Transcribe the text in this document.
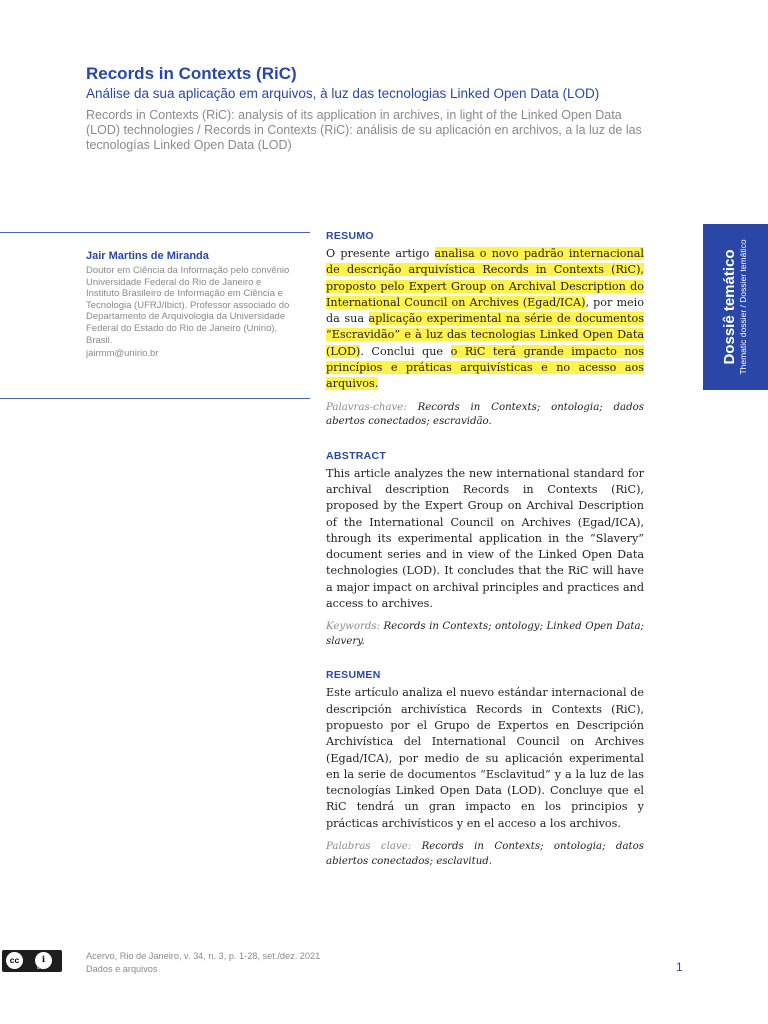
Records in Contexts (RiC)
Análise da sua aplicação em arquivos, à luz das tecnologias Linked Open Data (LOD)
Records in Contexts (RiC): analysis of its application in archives, in light of the Linked Open Data (LOD) technologies / Records in Contexts (RiC): análisis de su aplicación en archivos, a la luz de las tecnologías Linked Open Data (LOD)
Jair Martins de Miranda
Doutor em Ciência da Informação pelo convênio Universidade Federal do Rio de Janeiro e Instituto Brasileiro de Informação em Ciência e Tecnologia (UFRJ/Ibict). Professor associado do Departamento de Arquivologia da Universidade Federal do Estado do Rio de Janeiro (Unirio), Brasil.
jairmm@unirio.br
RESUMO

O presente artigo analisa o novo padrão internacional de descrição arquivística Records in Contexts (RiC), proposto pelo Expert Group on Archival Description do International Council on Archives (Egad/ICA), por meio da sua aplicação experimental na série de documentos “Escravidão” e à luz das tecnologias Linked Open Data (LOD). Conclui que o RiC terá grande impacto nos princípios e práticas arquivísticas e no acesso aos arquivos.

Palavras-chave: Records in Contexts; ontologia; dados abertos conectados; escravidão.

ABSTRACT

This article analyzes the new international standard for archival description Records in Contexts (RiC), proposed by the Expert Group on Archival Description of the International Council on Archives (Egad/ICA), through its experimental application in the “Slavery” document series and in view of the Linked Open Data technologies (LOD). It concludes that the RiC will have a major impact on archival principles and practices and access to archives.

Keywords: Records in Contexts; ontology; Linked Open Data; slavery.

RESUMEN

Este artículo analiza el nuevo estándar internacional de descripción archivística Records in Contexts (RiC), propuesto por el Grupo de Expertos en Descripción Archivística del International Council on Archives (Egad/ICA), por medio de su aplicación experimental en la serie de documentos “Esclavitud” y a la luz de las tecnologías Linked Open Data (LOD). Concluye que el RiC tendrá un gran impacto en los principios y prácticas archivísticos y en el acceso a los archivos.

Palabras clave: Records in Contexts; ontologia; datos abiertos conectados; esclavitud.

Dossiê temático Thematic dossier / Dossier temático
cc	i
BY
Acervo, Rio de Janeiro, v. 34, n. 3, p. 1-28, set./dez. 2021
Dados e arquivos	1
